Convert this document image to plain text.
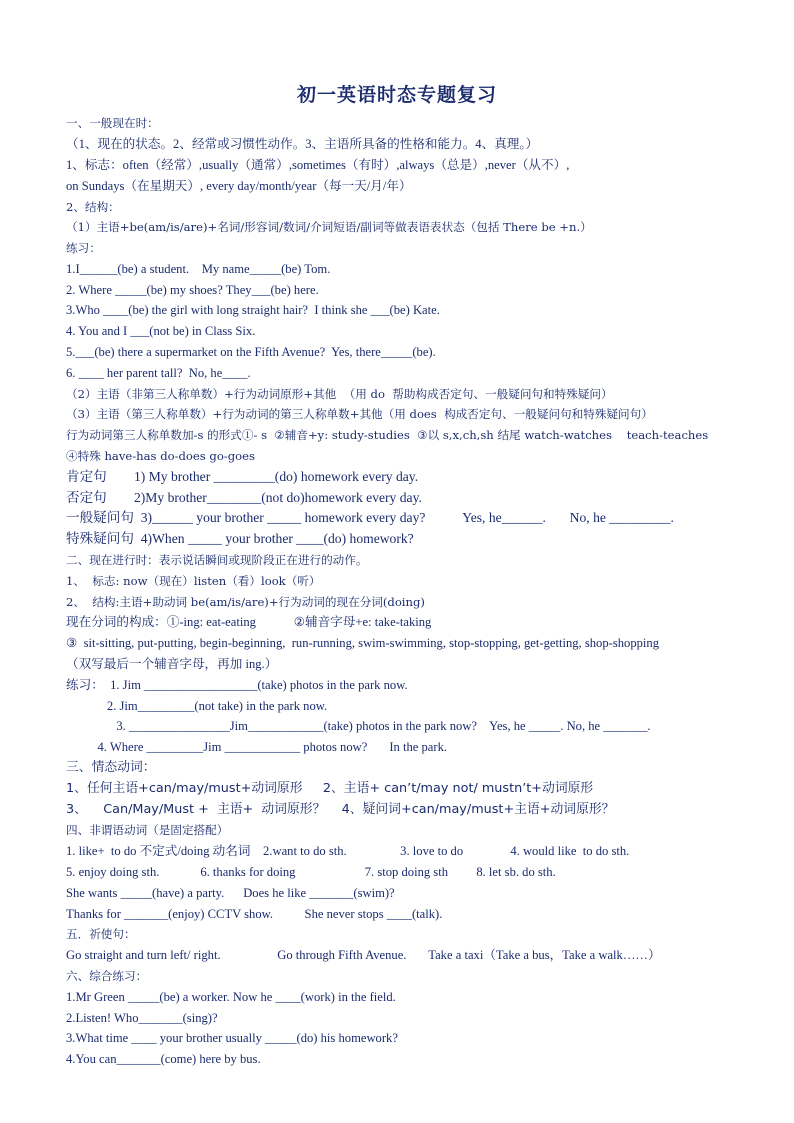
初一英语时态专题复习
一、一般现在时：
（1、现在的状态。2、经常或习惯性动作。3、主语所具备的性格和能力。4、真理。）
1、标志：often（经常）,usually（通常）,sometimes（有时）,always（总是）,never（从不）,
on Sundays（在星期天）, every day/month/year（每一天/月/年）
2、结构：
（1）主语+be(am/is/are)+名词/形容词/数词/介词短语/副词等做表语表状态（包括 There be +n.）
练习：
1.I______(be) a student.    My name_____(be) Tom.
2. Where _____(be) my shoes? They___(be) here.
3.Who ____(be) the girl with long straight hair?  I think she ___(be) Kate.
4. You and I ___(not be) in Class Six.
5.___(be) there a supermarket on the Fifth Avenue?  Yes, there_____(be).
6. ____ her parent tall?  No, he____.
（2）主语（非第三人称单数）+行为动词原形+其他  （用 do  帮助构成否定句、一般疑问句和特殊疑问）
（3）主语（第三人称单数）+行为动词的第三人称单数+其他（用 does  构成否定句、一般疑问句和特殊疑问句）
行为动词第三人称单数加-s 的形式①- s  ②辅音+y: study-studies  ③以 s,x,ch,sh 结尾 watch-watches    teach-teaches
④特殊 have-has do-does go-goes
肯定句        1) My brother _________(do) homework every day.
否定句        2)My brother________(not do)homework every day.
一般疑问句  3)______ your brother _____ homework every day?           Yes, he______.       No, he _________.
特殊疑问句  4)When _____ your brother ____(do) homework?
二、现在进行时：表示说话瞬间或现阶段正在进行的动作。
1、  标志: now（现在）listen（看）look（听）
2、  结构:主语+助动词 be(am/is/are)+行为动词的现在分词(doing)
现在分词的构成：①-ing: eat-eating            ②辅音字母+e: take-taking
③  sit-sitting, put-putting, begin-beginning,  run-running, swim-swimming, stop-stopping, get-getting, shop-shopping
（双写最后一个辅音字母，再加 ing.）
练习：  1. Jim __________________(take) photos in the park now.
2. Jim_________(not take) in the park now.
3. ________________Jim____________(take) photos in the park now?    Yes, he _____. No, he _______.
4. Where _________Jim ____________ photos now?       In the park.
三、情态动词：
1、任何主语+can/may/must+动词原形     2、主语+ can’t/may not/ mustn’t+动词原形
3、    Can/May/Must +  主语+  动词原形？    4、疑问词+can/may/must+主语+动词原形？
四、非谓语动词（是固定搭配）
1. like+  to do 不定式/doing 动名词    2.want to do sth.                 3. love to do               4. would like  to do sth.
5. enjoy doing sth.             6. thanks for doing                      7. stop doing sth         8. let sb. do sth.
She wants _____(have) a party.      Does he like _______(swim)?
Thanks for _______(enjoy) CCTV show.          She never stops ____(talk).
五．祈使句：
Go straight and turn left/ right.                  Go through Fifth Avenue.       Take a taxi（Take a bus，Take a walk……）
六、综合练习：
1.Mr Green _____(be) a worker. Now he ____(work) in the field.
2.Listen! Who_______(sing)?
3.What time ____ your brother usually _____(do) his homework?
4.You can_______(come) here by bus.
